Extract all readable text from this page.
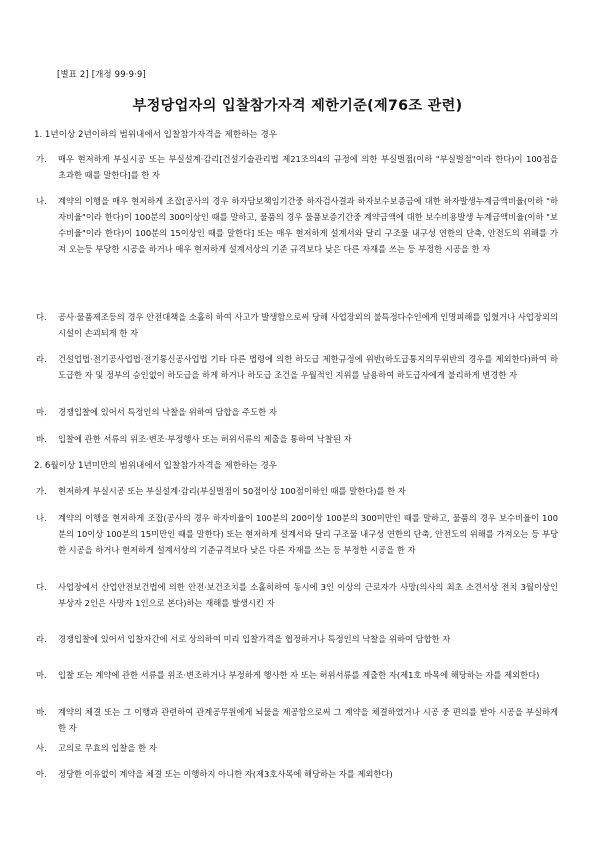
[별표 2] [개정 99·9·9]
부정당업자의 입찰참가자격 제한기준(제76조 관련)
1. 1년이상 2년이하의 범위내에서 입찰참가자격을 제한하는 경우
가.	매우 현저하게 부실시공 또는 부실설계·감리[건설기술관리법 제21조의4의 규정에 의한 부실벌점(이하 "부실벌점"이라 한다)이 100점을 초과한 때를 말한다]를 한 자
나.	계약의 이행을 매우 현저하게 조잡[공사의 경우 하자담보책임기간중 하자검사결과 하자보수보증금에 대한 하자발생누계금액비율(이하 "하자비율"이라 한다)이 100분의 300이상인 때를 말하고, 물품의 경우 물품보증기간중 계약금액에 대한 보수비용발생 누계금액비율(이하 "보수비율"이라 한다)이 100분의 15이상인 때를 말한다] 또는 매우 현저하게 설계서와 달리 구조물 내구성 연한의 단축, 안전도의 위해를 가져 오는등 부당한 시공을 하거나 매우 현저하게 설계서상의 기준 규격보다 낮은 다른 자재를 쓰는 등 부정한 시공을 한 자
다.	공사·물품제조등의 경우 안전대책을 소홀히 하여 사고가 발생함으로써 당해 사업장외의 불특정다수인에게 인명피해를 입혔거나 사업장외의 시설이 손괴되게 한 자
라.	건설업법·전기공사업법·전기통신공사업법 기타 다른 법령에 의한 하도급 제한규정에 위반(하도급통지의무위반의 경우를 제외한다)하여 하도급한 자 및 정부의 승인없이 하도급을 하게 하거나 하도급 조건을 우월적인 지위를 남용하여 하도급자에게 불리하게 변경한 자
마.	경쟁입찰에 있어서 특정인의 낙찰을 위하여 담합을 주도한 자
바.	입찰에 관한 서류의 위조·변조·부정행사 또는 허위서류의 제출을 통하여 낙찰된 자
2. 6월이상 1년미만의 범위내에서 입찰참가자격을 제한하는 경우
가.	현저하게 부실시공 또는 부실설계·감리(부실벌점이 50점이상 100점이하인 때를 말한다)를 한 자
나.	계약의 이행을 현저하게 조잡(공사의 경우 하자비율이 100분의 200이상 100분의 300미만인 때를 말하고, 물품의 경우 보수비율이 100분의 10이상 100분의 15미만인 때를 말한다) 또는 현저하게 설계서와 달리 구조물 내구성 연한의 단축, 안전도의 위해를 가져오는 등 부당한 시공을 하거나 현저하게 설계서상의 기준규격보다 낮은 다른 자재를 쓰는 등 부정한 시공을 한 자
다.	사업장에서 산업안전보건법에 의한 안전·보건조치를 소홀히하여 동시에 3인 이상의 근로자가 사망(의사의 최초 소견서상 전치 3월이상인 부상자 2인은 사망자 1인으로 본다)하는 재해를 발생시킨 자
라.	경쟁입찰에 있어서 입찰자간에 서로 상의하여 미리 입찰가격을 협정하거나 특정인의 낙찰을 위하여 담합한 자
마.	입찰 또는 계약에 관한 서류를 위조·변조하거나 부정하게 행사한 자 또는 허위서류를 제출한 자(제1호 바목에 해당하는 자를 제외한다)
바.	계약의 체결 또는 그 이행과 관련하여 관계공무원에게 뇌물을 제공함으로써 그 계약을 체결하였거나 시공 중 편의를 받아 시공을 부실하게 한 자
사.	고의로 무효의 입찰을 한 자
아.	정당한 이유없이 계약을 체결 또는 이행하지 아니한 자(제3호사목에 해당하는 자를 제외한다)
